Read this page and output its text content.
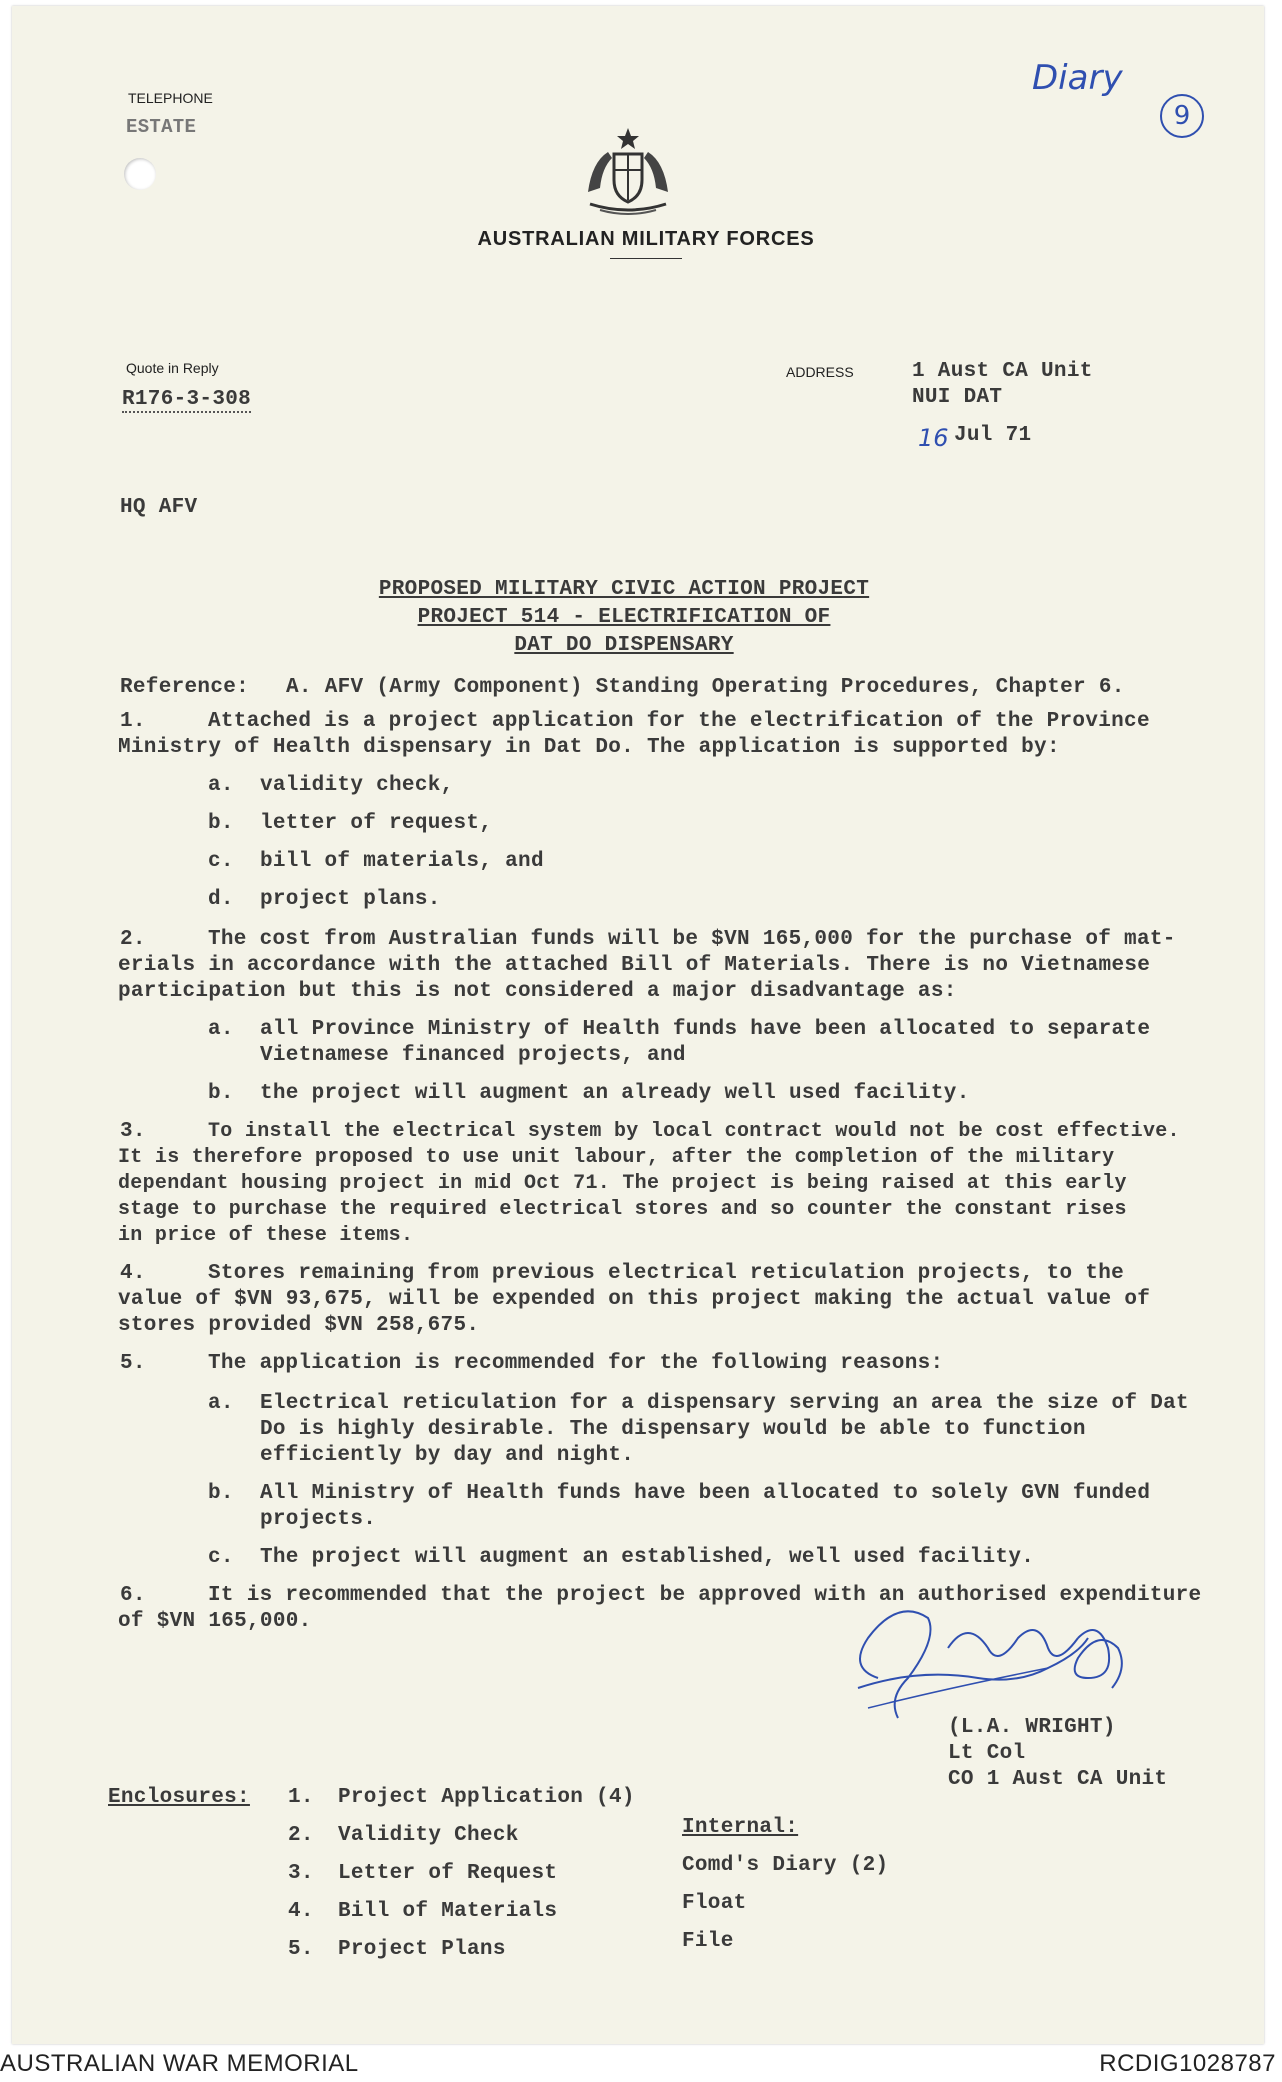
TELEPHONE
ESTATE
AUSTRALIAN MILITARY FORCES
Quote in Reply
R176-3-308
ADDRESS	1 Aust CA Unit
NUI DAT
16 Jul 71
Diary
9
HQ AFV
PROPOSED MILITARY CIVIC ACTION PROJECT
PROJECT 514 - ELECTRIFICATION OF
DAT DO DISPENSARY
Reference: A. AFV (Army Component) Standing Operating Procedures, Chapter 6.
1.	Attached is a project application for the electrification of the Province
Ministry of Health dispensary in Dat Do. The application is supported by:
a. validity check,
b. letter of request,
c. bill of materials, and
d. project plans.
2.	The cost from Australian funds will be $VN 165,000 for the purchase of mat-
erials in accordance with the attached Bill of Materials. There is no Vietnamese
participation but this is not considered a major disadvantage as:
a. all Province Ministry of Health funds have been allocated to separate
Vietnamese financed projects, and
b. the project will augment an already well used facility.
3.	To install the electrical system by local contract would not be cost effective.
It is therefore proposed to use unit labour, after the completion of the military
dependant housing project in mid Oct 71. The project is being raised at this early
stage to purchase the required electrical stores and so counter the constant rises
in price of these items.
4.	Stores remaining from previous electrical reticulation projects, to the
value of $VN 93,675, will be expended on this project making the actual value of
stores provided $VN 258,675.
5.	The application is recommended for the following reasons:
a. Electrical reticulation for a dispensary serving an area the size of Dat
Do is highly desirable. The dispensary would be able to function
efficiently by day and night.
b. All Ministry of Health funds have been allocated to solely GVN funded
projects.
c. The project will augment an established, well used facility.
6.	It is recommended that the project be approved with an authorised expenditure
of $VN 165,000.
(L.A. WRIGHT)
Lt Col
CO 1 Aust CA Unit
Enclosures: 1. Project Application (4)
2. Validity Check
3. Letter of Request
4. Bill of Materials
5. Project Plans
Internal:
Comd's Diary (2)
Float
File
AUSTRALIAN WAR MEMORIAL	RCDIG1028787
